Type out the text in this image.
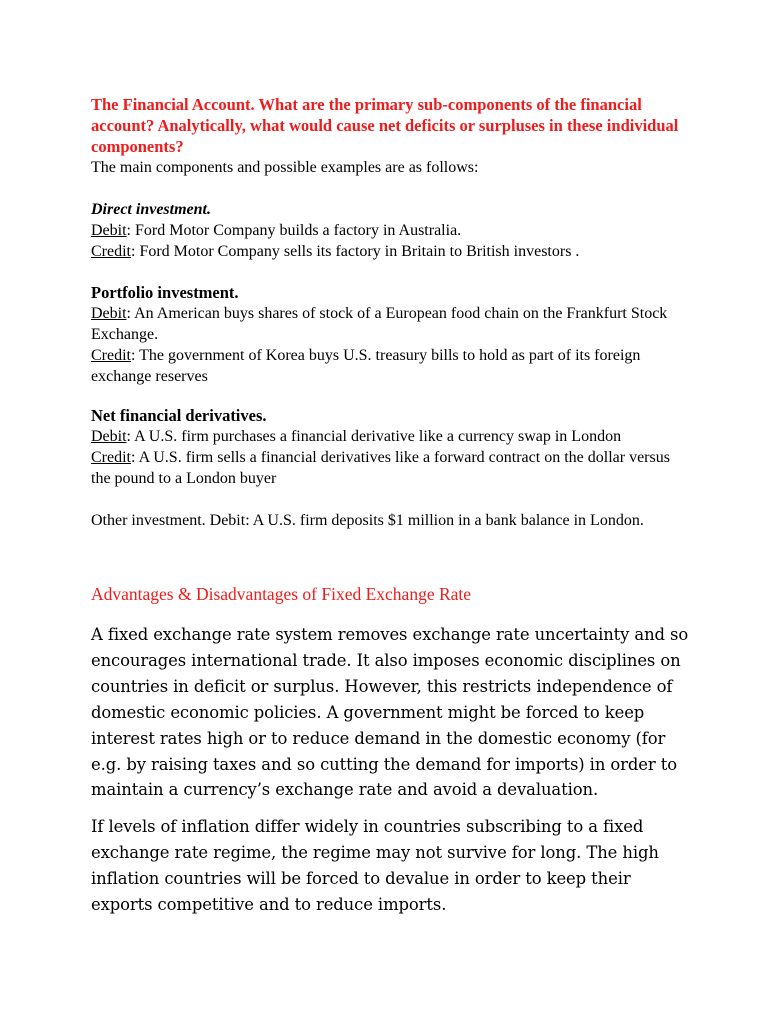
The Financial Account. What are the primary sub-components of the financial account? Analytically, what would cause net deficits or surpluses in these individual components?

The main components and possible examples are as follows:

Direct investment.

Debit: Ford Motor Company builds a factory in Australia.

Credit: Ford Motor Company sells its factory in Britain to British investors .

Portfolio investment.

Debit: An American buys shares of stock of a European food chain on the Frankfurt Stock Exchange.

Credit: The government of Korea buys U.S. treasury bills to hold as part of its foreign exchange reserves

Net financial derivatives.

Debit: A U.S. firm purchases a financial derivative like a currency swap in London

Credit: A U.S. firm sells a financial derivatives like a forward contract on the dollar versus the pound to a London buyer

Other investment. Debit: A U.S. firm deposits $1 million in a bank balance in London.

Advantages & Disadvantages of Fixed Exchange Rate

A fixed exchange rate system removes exchange rate uncertainty and so encourages international trade. It also imposes economic disciplines on countries in deficit or surplus. However, this restricts independence of domestic economic policies. A government might be forced to keep interest rates high or to reduce demand in the domestic economy (for e.g. by raising taxes and so cutting the demand for imports) in order to maintain a currency’s exchange rate and avoid a devaluation.

If levels of inflation differ widely in countries subscribing to a fixed exchange rate regime, the regime may not survive for long. The high inflation countries will be forced to devalue in order to keep their exports competitive and to reduce imports.
